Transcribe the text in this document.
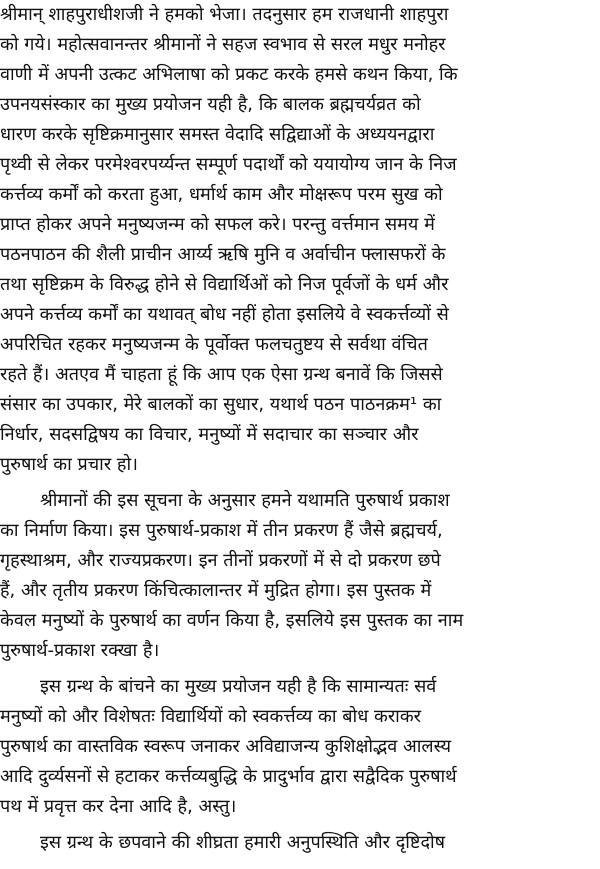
श्रीमान् शाहपुराधीशजी ने हमको भेजा। तदनुसार हम राजधानी शाहपुरा
को गये। महोत्सवानन्तर श्रीमानों ने सहज स्वभाव से सरल मधुर मनोहर
वाणी में अपनी उत्कट अभिलाषा को प्रकट करके हमसे कथन किया, कि
उपनयसंस्कार का मुख्य प्रयोजन यही है, कि बालक ब्रह्मचर्यव्रत को
धारण करके सृष्टिक्रमानुसार समस्त वेदादि सद्विद्याओं के अध्ययनद्वारा
पृथ्वी से लेकर परमेश्वरपर्य्यन्त सम्पूर्ण पदार्थों को ययायोग्य जान के निज
कर्त्तव्य कर्मों को करता हुआ, धर्मार्थ काम और मोक्षरूप परम सुख को
प्राप्त होकर अपने मनुष्यजन्म को सफल करे। परन्तु वर्त्तमान समय में
पठनपाठन की शैली प्राचीन आर्य्य ऋषि मुनि व अर्वाचीन फ्लासफरों के
तथा सृष्टिक्रम के विरुद्ध होने से विद्यार्थिओं को निज पूर्वजों के धर्म और
अपने कर्त्तव्य कर्मों का यथावत् बोध नहीं होता इसलिये वे स्वकर्त्तव्यों से
अपरिचित रहकर मनुष्यजन्म के पूर्वोक्त फलचतुष्टय से सर्वथा वंचित
रहते हैं। अतएव मैं चाहता हूं कि आप एक ऐसा ग्रन्थ बनावें कि जिससे
संसार का उपकार, मेरे बालकों का सुधार, यथार्थ पठन पाठनक्रम¹ का
निर्धार, सदसद्विषय का विचार, मनुष्यों में सदाचार का सञ्चार और
पुरुषार्थ का प्रचार हो।
श्रीमानों की इस सूचना के अनुसार हमने यथामति पुरुषार्थ प्रकाश
का निर्माण किया। इस पुरुषार्थ-प्रकाश में तीन प्रकरण हैं जैसे ब्रह्मचर्य,
गृहस्थाश्रम, और राज्यप्रकरण। इन तीनों प्रकरणों में से दो प्रकरण छपे
हैं, और तृतीय प्रकरण किंचित्कालान्तर में मुद्रित होगा। इस पुस्तक में
केवल मनुष्यों के पुरुषार्थ का वर्णन किया है, इसलिये इस पुस्तक का नाम
पुरुषार्थ-प्रकाश रक्खा है।
इस ग्रन्थ के बांचने का मुख्य प्रयोजन यही है कि सामान्यतः सर्व
मनुष्यों को और विशेषतः विद्यार्थियों को स्वकर्त्तव्य का बोध कराकर
पुरुषार्थ का वास्तविक स्वरूप जनाकर अविद्याजन्य कुशिक्षोद्भव आलस्य
आदि दुर्व्यसनों से हटाकर कर्त्तव्यबुद्धि के प्रादुर्भाव द्वारा सद्वैदिक पुरुषार्थ
पथ में प्रवृत्त कर देना आदि है, अस्तु।
इस ग्रन्थ के छपवाने की शीघ्रता हमारी अनुपस्थिति और दृष्टिदोष
